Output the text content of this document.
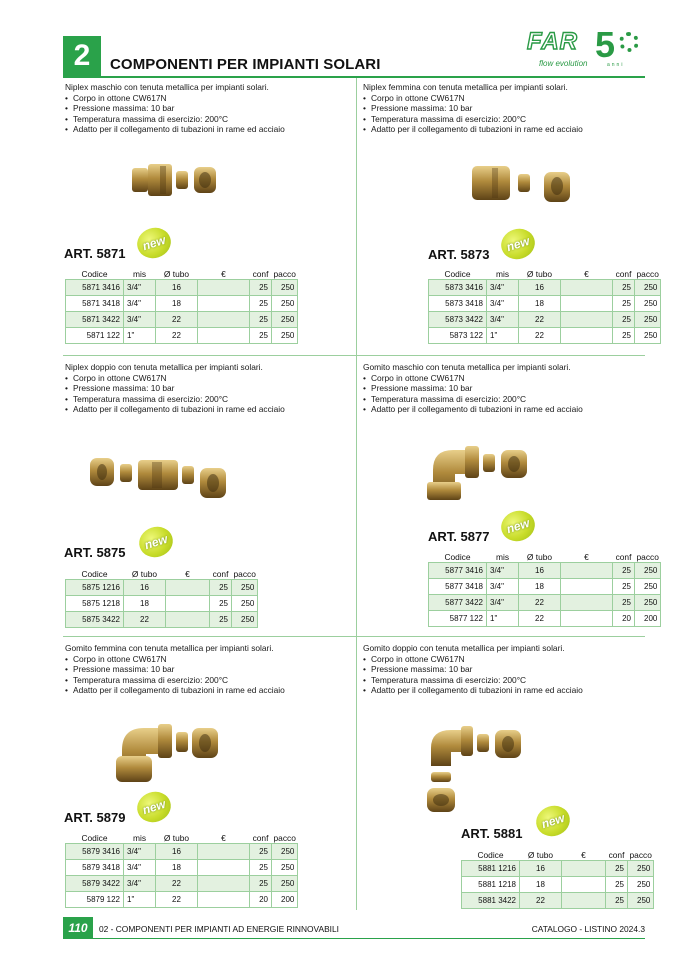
2	COMPONENTI PER IMPIANTI SOLARI
FAR 5
flow evolution	anni
Niplex maschio con tenuta metallica per impianti solari.
• Corpo in ottone CW617N
• Pressione massima: 10 bar
• Temperatura massima di esercizio: 200°C
• Adatto per il collegamento di tubazioni in rame ed acciaio
ART. 5871
new
Codice	mis	Ø tubo	€	conf	pacco
5871 3416	3/4"	16		25	250
5871 3418	3/4"	18		25	250
5871 3422	3/4"	22		25	250
5871 122	1"	22		25	250
Niplex femmina con tenuta metallica per impianti solari.
• Corpo in ottone CW617N
• Pressione massima: 10 bar
• Temperatura massima di esercizio: 200°C
• Adatto per il collegamento di tubazioni in rame ed acciaio
ART. 5873
new
Codice	mis	Ø tubo	€	conf	pacco
5873 3416	3/4"	16		25	250
5873 3418	3/4"	18		25	250
5873 3422	3/4"	22		25	250
5873 122	1"	22		25	250
Niplex doppio con tenuta metallica per impianti solari.
• Corpo in ottone CW617N
• Pressione massima: 10 bar
• Temperatura massima di esercizio: 200°C
• Adatto per il collegamento di tubazioni in rame ed acciaio
ART. 5875
new
Codice	Ø tubo	€	conf	pacco
5875 1216	16		25	250
5875 1218	18		25	250
5875 3422	22		25	250
Gomito maschio con tenuta metallica per impianti solari.
• Corpo in ottone CW617N
• Pressione massima: 10 bar
• Temperatura massima di esercizio: 200°C
• Adatto per il collegamento di tubazioni in rame ed acciaio
ART. 5877
new
Codice	mis	Ø tubo	€	conf	pacco
5877 3416	3/4"	16		25	250
5877 3418	3/4"	18		25	250
5877 3422	3/4"	22		25	250
5877 122	1"	22		20	200
Gomito femmina con tenuta metallica per impianti solari.
• Corpo in ottone CW617N
• Pressione massima: 10 bar
• Temperatura massima di esercizio: 200°C
• Adatto per il collegamento di tubazioni in rame ed acciaio
ART. 5879
new
Codice	mis	Ø tubo	€	conf	pacco
5879 3416	3/4"	16		25	250
5879 3418	3/4"	18		25	250
5879 3422	3/4"	22		25	250
5879 122	1"	22		20	200
Gomito doppio con tenuta metallica per impianti solari.
• Corpo in ottone CW617N
• Pressione massima: 10 bar
• Temperatura massima di esercizio: 200°C
• Adatto per il collegamento di tubazioni in rame ed acciaio
ART. 5881
new
Codice	Ø tubo	€	conf	pacco
5881 1216	16		25	250
5881 1218	18		25	250
5881 3422	22		25	250
110	02 - COMPONENTI PER IMPIANTI AD ENERGIE RINNOVABILI	CATALOGO - LISTINO 2024.3
